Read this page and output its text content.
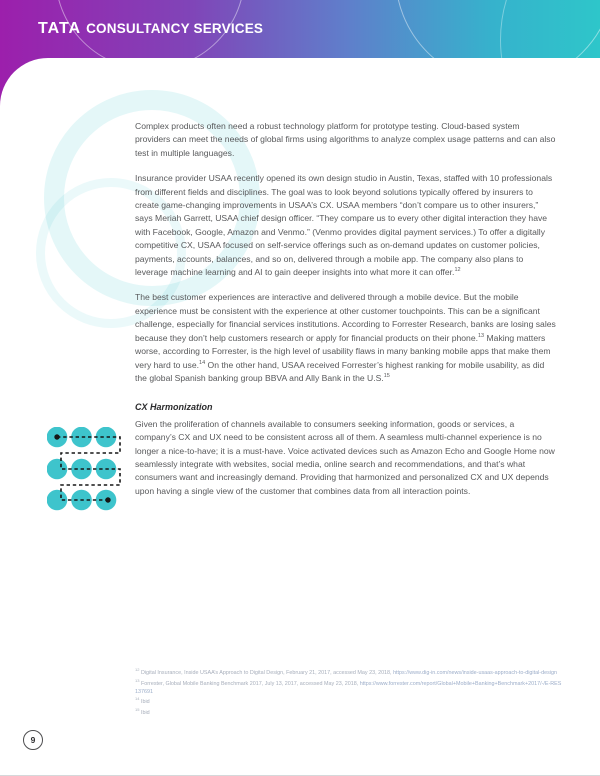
TATA CONSULTANCY SERVICES

Complex products often need a robust technology platform for prototype testing. Cloud-based system providers can meet the needs of global firms using algorithms to analyze complex usage patterns and can also test in multiple languages.

Insurance provider USAA recently opened its own design studio in Austin, Texas, staffed with 10 professionals from different fields and disciplines. The goal was to look beyond solutions typically offered by insurers to create game-changing improvements in USAA’s CX. USAA members “don’t compare us to other insurers,” says Meriah Garrett, USAA chief design officer. “They compare us to every other digital interaction they have with Facebook, Google, Amazon and Venmo.” (Venmo provides digital payment services.) To offer a digitally competitive CX, USAA focused on self-service offerings such as on-demand updates on customer policies, payments, accounts, balances, and so on, delivered through a mobile app. The company also plans to leverage machine learning and AI to gain deeper insights into what more it can offer.$^{12}$

The best customer experiences are interactive and delivered through a mobile device. But the mobile experience must be consistent with the experience at other customer touchpoints. This can be a significant challenge, especially for financial services institutions. According to Forrester Research, banks are losing sales because they don’t help customers research or apply for financial products on their phone.$^{13}$ Making matters worse, according to Forrester, is the high level of usability flaws in many banking mobile apps that make them very hard to use.$^{14}$ On the other hand, USAA received Forrester’s highest ranking for mobile usability, as did the global Spanish banking group BBVA and Ally Bank in the U.S.$^{15}$

CX Harmonization

Given the proliferation of channels available to consumers seeking information, goods or services, a company’s CX and UX need to be consistent across all of them. A seamless multi-channel experience is no longer a nice-to-have; it is a must-have. Voice activated devices such as Amazon Echo and Google Home now seamlessly integrate with websites, social media, online search and recommendations, and that’s what consumers want and increasingly demand. Providing that harmonized and personalized CX and UX depends upon having a single view of the customer that combines data from all interaction points.

$^{12}$ Digital Insurance, Inside USAA’s Approach to Digital Design, February 21, 2017, accessed May 23, 2018, https://www.dig-in.com/news/inside-usaas-approach-to-digital-design
$^{13}$ Forrester, Global Mobile Banking Benchmark 2017, July 13, 2017, accessed May 23, 2018, https://www.forrester.com/report/Global+Mobile+Banking+Benchmark+2017/-/E-RES137691
$^{14}$ Ibid
$^{15}$ Ibid
9
